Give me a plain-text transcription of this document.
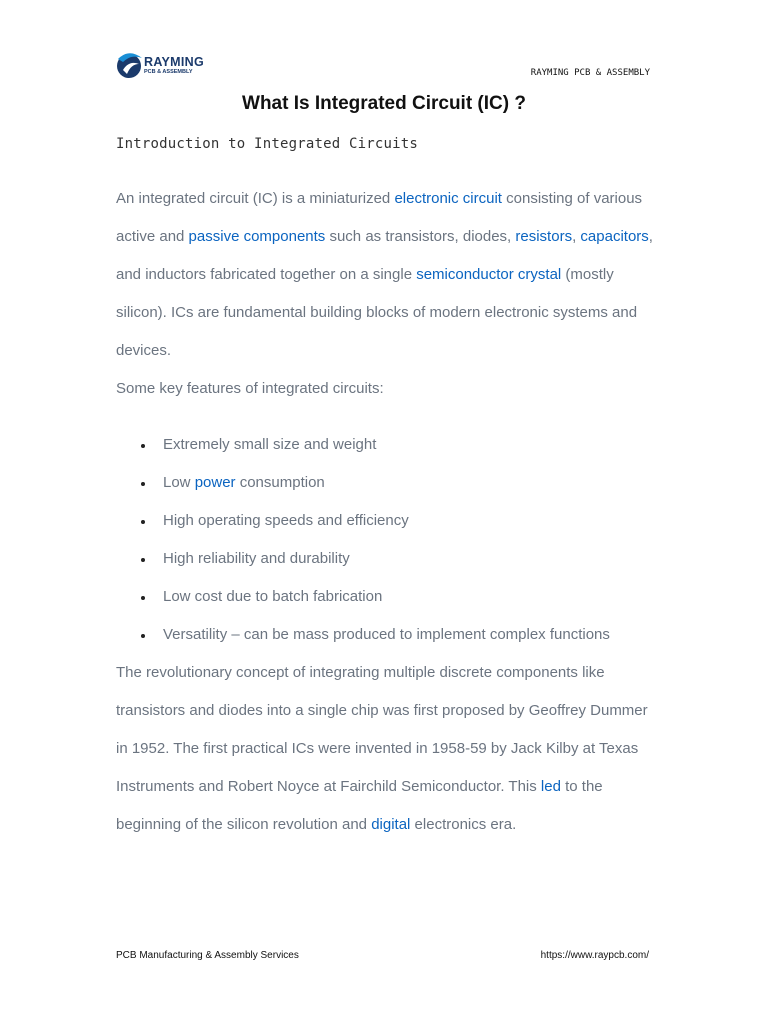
RAYMING
PCB & ASSEMBLY	RAYMING PCB & ASSEMBLY
What Is Integrated Circuit (IC) ?
Introduction to Integrated Circuits

An integrated circuit (IC) is a miniaturized electronic circuit consisting of various active and passive components such as transistors, diodes, resistors, capacitors, and inductors fabricated together on a single semiconductor crystal (mostly silicon). ICs are fundamental building blocks of modern electronic systems and devices.

Some key features of integrated circuits:

Extremely small size and weight
Low power consumption
High operating speeds and efficiency
High reliability and durability
Low cost due to batch fabrication
Versatility – can be mass produced to implement complex functions

The revolutionary concept of integrating multiple discrete components like transistors and diodes into a single chip was first proposed by Geoffrey Dummer in 1952. The first practical ICs were invented in 1958-59 by Jack Kilby at Texas Instruments and Robert Noyce at Fairchild Semiconductor. This led to the beginning of the silicon revolution and digital electronics era.

PCB Manufacturing & Assembly Services	https://www.raypcb.com/
